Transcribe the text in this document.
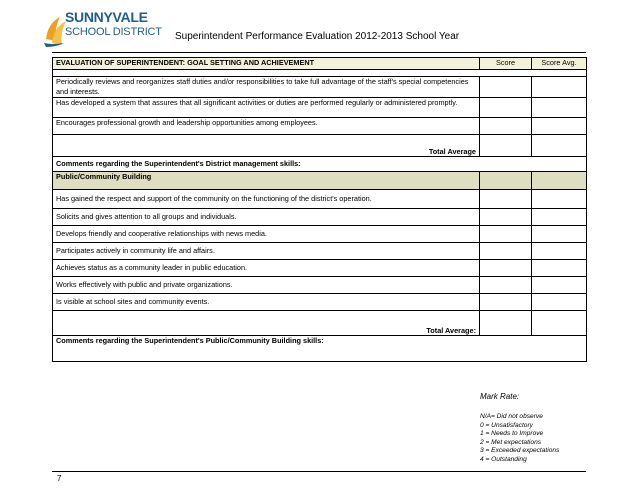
SUNNYVALE
SCHOOL DISTRICT Superintendent Performance Evaluation 2012-2013 School Year
EVALUATION OF SUPERINTENDENT: GOAL SETTING AND ACHIEVEMENT	Score	Score Avg.

Periodically reviews and reorganizes staff duties and/or responsibilities to take full advantage of the staff's special competencies and interests.		
Has developed a system that assures that all significant activities or duties are performed regularly or administered promptly.		
Encourages professional growth and leadership opportunities among employees.		
Total Average		
Comments regarding the Superintendent's District management skills:		
Public/Community Building		
Has gained the respect and support of the community on the functioning of the district's operation.		
Solicits and gives attention to all groups and individuals.		
Develops friendly and cooperative relationships with news media.		
Participates actively in community life and affairs.		
Achieves status as a community leader in public education.		
Works effectively with public and private organizations.		
Is visible at school sites and community events.		
Total Average:		
Comments regarding the Superintendent's Public/Community Building skills:		
Mark Rate:
N/A= Did not observe
0 = Unsatisfactory
1 = Needs to Improve
2 = Met expectations
3 = Exceeded expectations
4 = Outstanding
7
